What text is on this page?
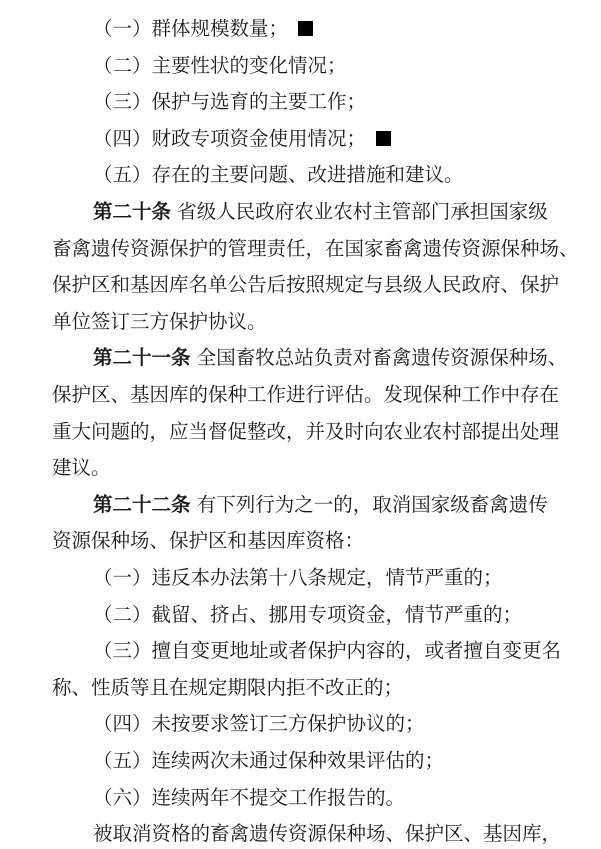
（一）群体规模数量；
（二）主要性状的变化情况；
（三）保护与选育的主要工作；
（四）财政专项资金使用情况；
（五）存在的主要问题、改进措施和建议。
第二十条 省级人民政府农业农村主管部门承担国家级
畜禽遗传资源保护的管理责任，在国家畜禽遗传资源保种场、
保护区和基因库名单公告后按照规定与县级人民政府、保护
单位签订三方保护协议。
第二十一条 全国畜牧总站负责对畜禽遗传资源保种场、
保护区、基因库的保种工作进行评估。发现保种工作中存在
重大问题的，应当督促整改，并及时向农业农村部提出处理
建议。
第二十二条 有下列行为之一的，取消国家级畜禽遗传
资源保种场、保护区和基因库资格：
（一）违反本办法第十八条规定，情节严重的；
（二）截留、挤占、挪用专项资金，情节严重的；
（三）擅自变更地址或者保护内容的，或者擅自变更名
称、性质等且在规定期限内拒不改正的；
（四）未按要求签订三方保护协议的；
（五）连续两次未通过保种效果评估的；
（六）连续两年不提交工作报告的。
被取消资格的畜禽遗传资源保种场、保护区、基因库，
